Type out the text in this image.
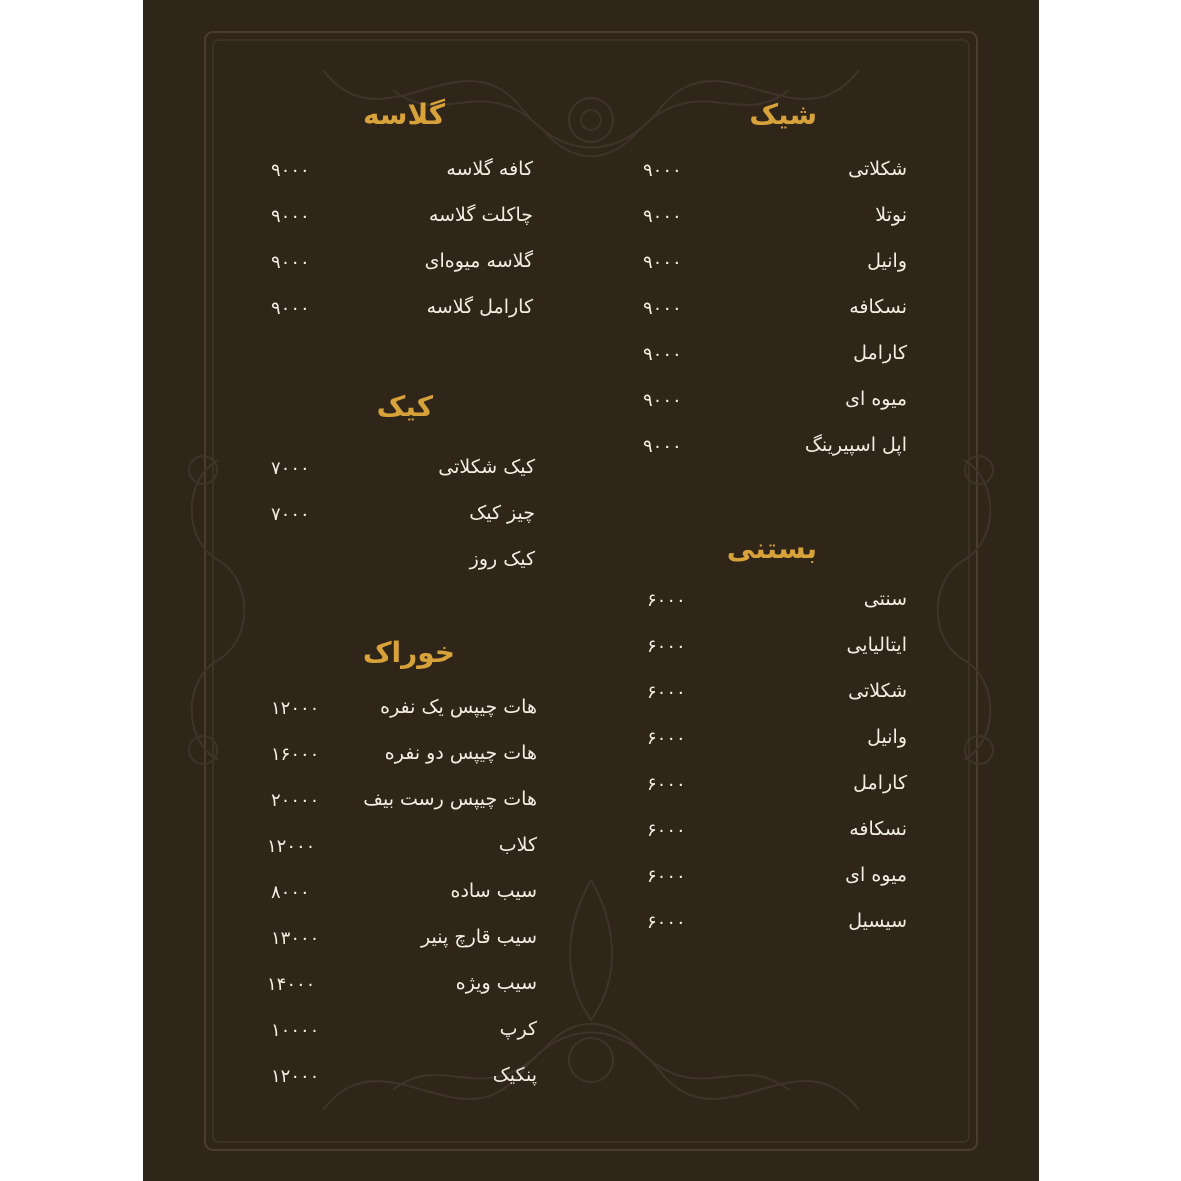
شیک
شکلاتی
۹۰۰۰
نوتلا
۹۰۰۰
وانیل
۹۰۰۰
نسکافه
۹۰۰۰
کارامل
۹۰۰۰
میوه ای
۹۰۰۰
اپل اسپیرینگ
۹۰۰۰
بستنی
سنتی
۶۰۰۰
ایتالیایی
۶۰۰۰
شکلاتی
۶۰۰۰
وانیل
۶۰۰۰
کارامل
۶۰۰۰
نسکافه
۶۰۰۰
میوه ای
۶۰۰۰
سیسیل
۶۰۰۰
گلاسه
کافه گلاسه
۹۰۰۰
چاکلت گلاسه
۹۰۰۰
گلاسه میوه‌ای
۹۰۰۰
کارامل گلاسه
۹۰۰۰
کیک
کیک شکلاتی
۷۰۰۰
چیز کیک
۷۰۰۰
کیک روز
خوراک
هات چیپس یک نفره
۱۲۰۰۰
هات چیپس دو نفره
۱۶۰۰۰
هات چیپس رست بیف
۲۰۰۰۰
کلاب
۱۲۰۰۰
سیب ساده
۸۰۰۰
سیب قارچ پنیر
۱۳۰۰۰
سیب ویژه
۱۴۰۰۰
کرپ
۱۰۰۰۰
پنکیک
۱۲۰۰۰
